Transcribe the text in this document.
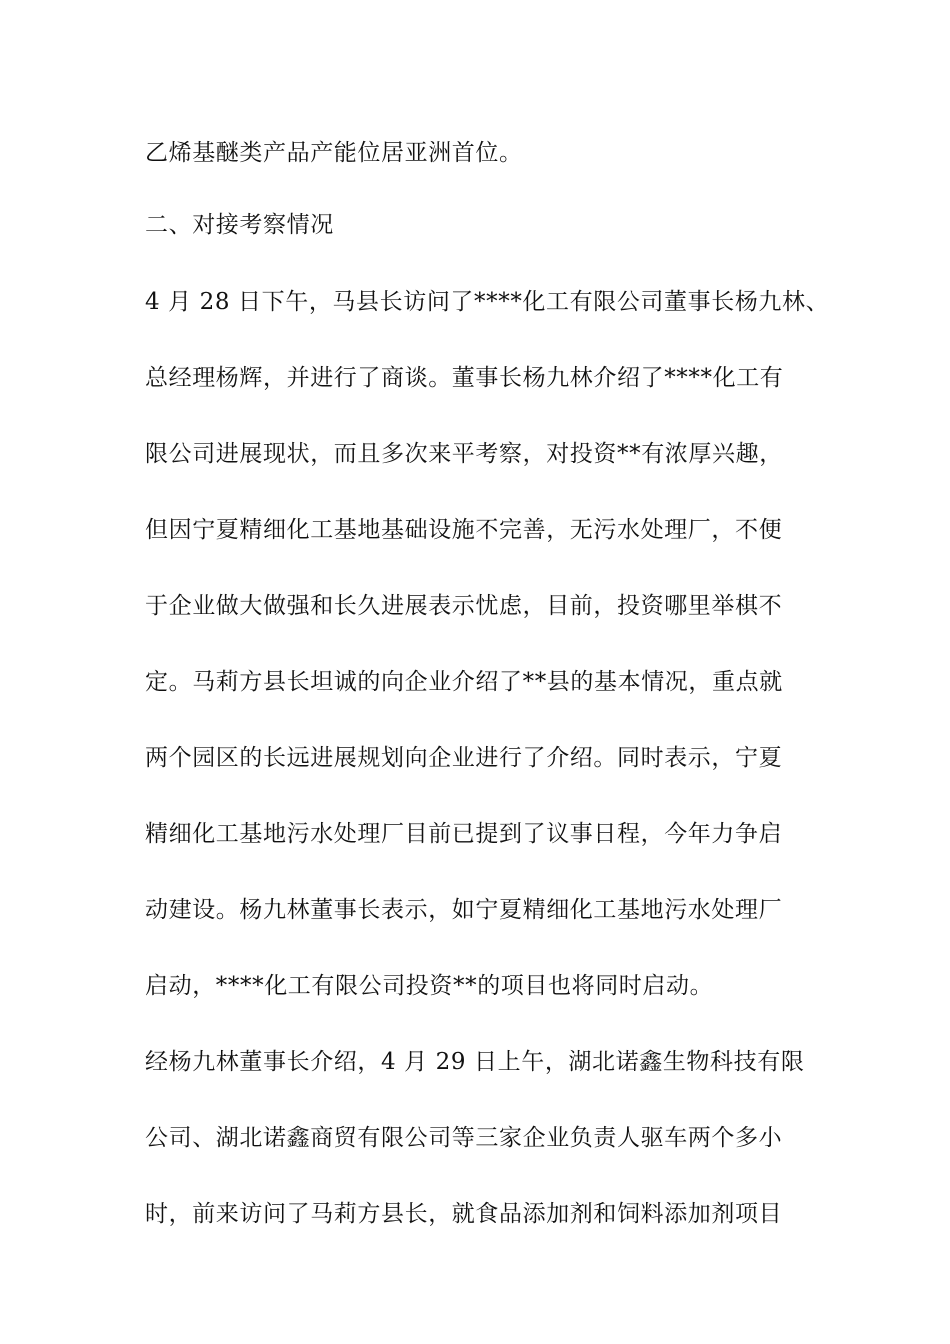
乙烯基醚类产品产能位居亚洲首位。
二、对接考察情况
4 月 28 日下午，马县长访问了****化工有限公司董事长杨九林、
总经理杨辉，并进行了商谈。董事长杨九林介绍了****化工有
限公司进展现状，而且多次来平考察，对投资**有浓厚兴趣，
但因宁夏精细化工基地基础设施不完善，无污水处理厂，不便
于企业做大做强和长久进展表示忧虑，目前，投资哪里举棋不
定。马莉方县长坦诚的向企业介绍了**县的基本情况，重点就
两个园区的长远进展规划向企业进行了介绍。同时表示，宁夏
精细化工基地污水处理厂目前已提到了议事日程，今年力争启
动建设。杨九林董事长表示，如宁夏精细化工基地污水处理厂
启动，****化工有限公司投资**的项目也将同时启动。
经杨九林董事长介绍，4 月 29 日上午，湖北诺鑫生物科技有限
公司、湖北诺鑫商贸有限公司等三家企业负责人驱车两个多小
时，前来访问了马莉方县长，就食品添加剂和饲料添加剂项目
